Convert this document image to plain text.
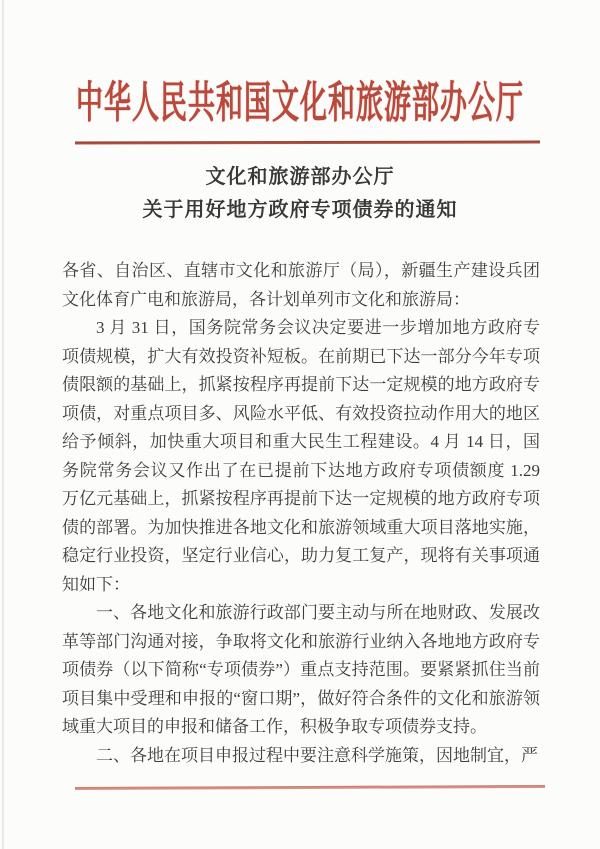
中华人民共和国文化和旅游部办公厅
文化和旅游部办公厅
关于用好地方政府专项债券的通知

各省、自治区、直辖市文化和旅游厅（局），新疆生产建设兵团文化体育广电和旅游局，各计划单列市文化和旅游局：

3 月 31 日，国务院常务会议决定要进一步增加地方政府专项债规模，扩大有效投资补短板。在前期已下达一部分今年专项债限额的基础上，抓紧按程序再提前下达一定规模的地方政府专项债，对重点项目多、风险水平低、有效投资拉动作用大的地区给予倾斜，加快重大项目和重大民生工程建设。4 月 14 日，国务院常务会议又作出了在已提前下达地方政府专项债额度 1.29 万亿元基础上，抓紧按程序再提前下达一定规模的地方政府专项债的部署。为加快推进各地文化和旅游领域重大项目落地实施，稳定行业投资，坚定行业信心，助力复工复产，现将有关事项通知如下：

一、各地文化和旅游行政部门要主动与所在地财政、发展改革等部门沟通对接，争取将文化和旅游行业纳入各地地方政府专项债券（以下简称“专项债券”）重点支持范围。要紧紧抓住当前项目集中受理和申报的“窗口期”，做好符合条件的文化和旅游领域重大项目的申报和储备工作，积极争取专项债券支持。

二、各地在项目申报过程中要注意科学施策，因地制宜，严
